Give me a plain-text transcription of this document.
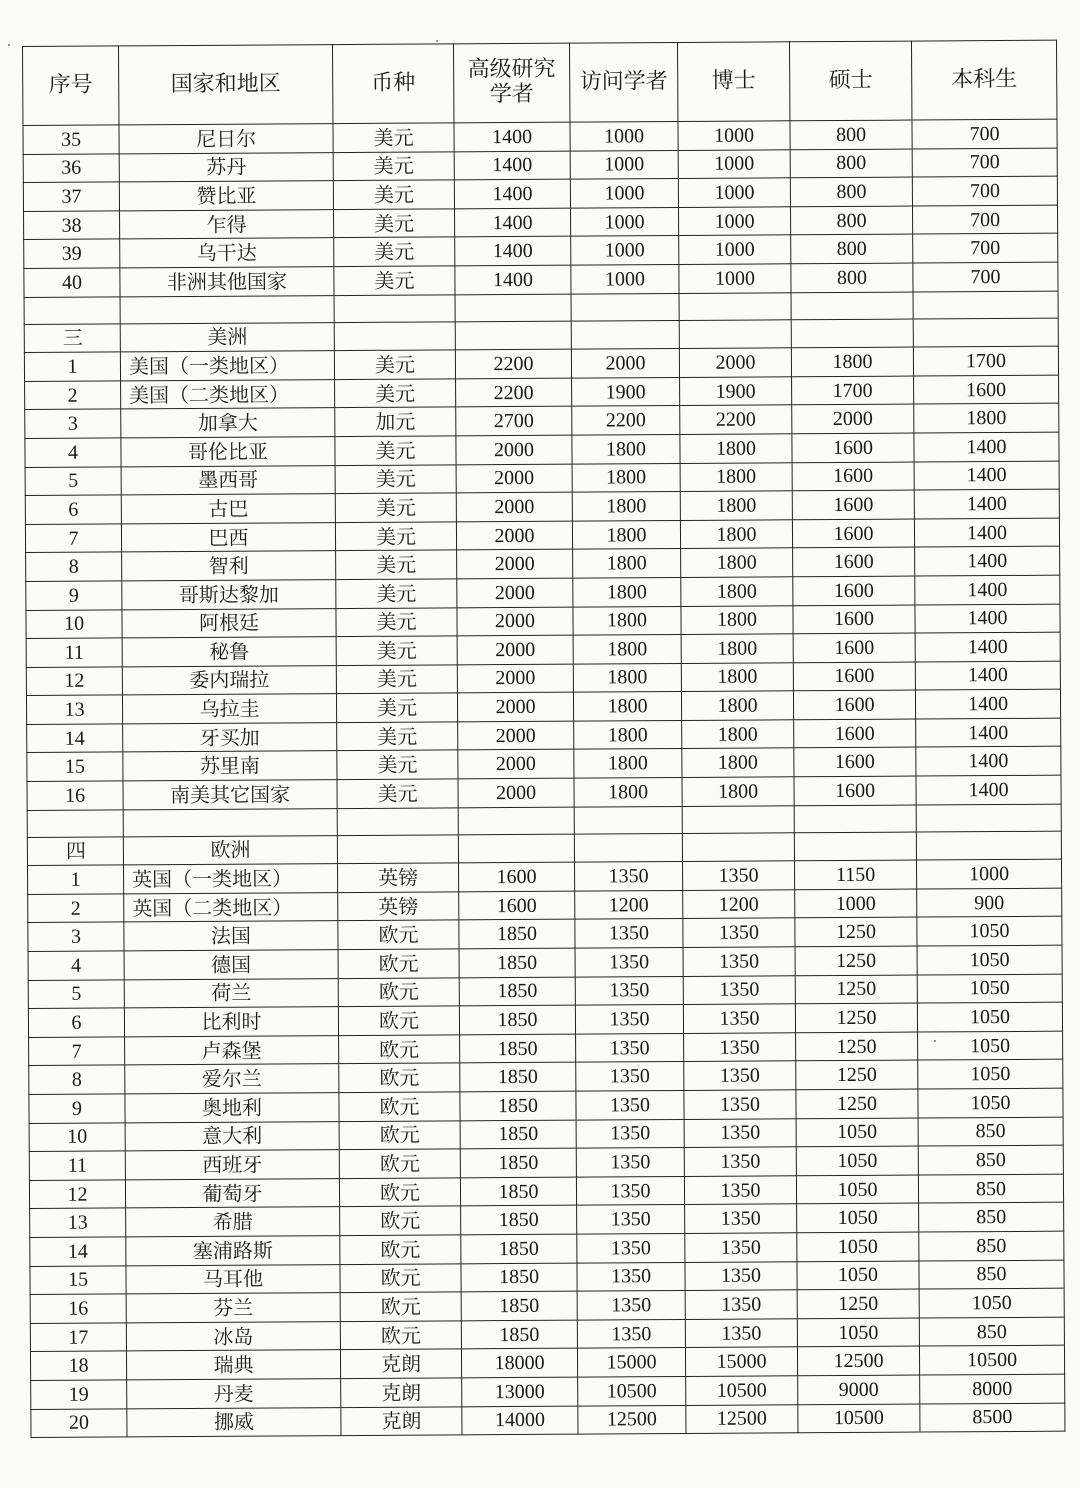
序号	国家和地区	币种	高级研究学者	访问学者	博士	硕士	本科生
35	尼日尔	美元	1400	1000	1000	800	700
36	苏丹	美元	1400	1000	1000	800	700
37	赞比亚	美元	1400	1000	1000	800	700
38	乍得	美元	1400	1000	1000	800	700
39	乌干达	美元	1400	1000	1000	800	700
40	非洲其他国家	美元	1400	1000	1000	800	700

三	美洲						
1	美国（一类地区）	美元	2200	2000	2000	1800	1700
2	美国（二类地区）	美元	2200	1900	1900	1700	1600
3	加拿大	加元	2700	2200	2200	2000	1800
4	哥伦比亚	美元	2000	1800	1800	1600	1400
5	墨西哥	美元	2000	1800	1800	1600	1400
6	古巴	美元	2000	1800	1800	1600	1400
7	巴西	美元	2000	1800	1800	1600	1400
8	智利	美元	2000	1800	1800	1600	1400
9	哥斯达黎加	美元	2000	1800	1800	1600	1400
10	阿根廷	美元	2000	1800	1800	1600	1400
11	秘鲁	美元	2000	1800	1800	1600	1400
12	委内瑞拉	美元	2000	1800	1800	1600	1400
13	乌拉圭	美元	2000	1800	1800	1600	1400
14	牙买加	美元	2000	1800	1800	1600	1400
15	苏里南	美元	2000	1800	1800	1600	1400
16	南美其它国家	美元	2000	1800	1800	1600	1400

四	欧洲						
1	英国（一类地区）	英镑	1600	1350	1350	1150	1000
2	英国（二类地区）	英镑	1600	1200	1200	1000	900
3	法国	欧元	1850	1350	1350	1250	1050
4	德国	欧元	1850	1350	1350	1250	1050
5	荷兰	欧元	1850	1350	1350	1250	1050
6	比利时	欧元	1850	1350	1350	1250	1050
7	卢森堡	欧元	1850	1350	1350	1250	1050
8	爱尔兰	欧元	1850	1350	1350	1250	1050
9	奥地利	欧元	1850	1350	1350	1250	1050
10	意大利	欧元	1850	1350	1350	1050	850
11	西班牙	欧元	1850	1350	1350	1050	850
12	葡萄牙	欧元	1850	1350	1350	1050	850
13	希腊	欧元	1850	1350	1350	1050	850
14	塞浦路斯	欧元	1850	1350	1350	1050	850
15	马耳他	欧元	1850	1350	1350	1050	850
16	芬兰	欧元	1850	1350	1350	1250	1050
17	冰岛	欧元	1850	1350	1350	1050	850
18	瑞典	克朗	18000	15000	15000	12500	10500
19	丹麦	克朗	13000	10500	10500	9000	8000
20	挪威	克朗	14000	12500	12500	10500	8500
